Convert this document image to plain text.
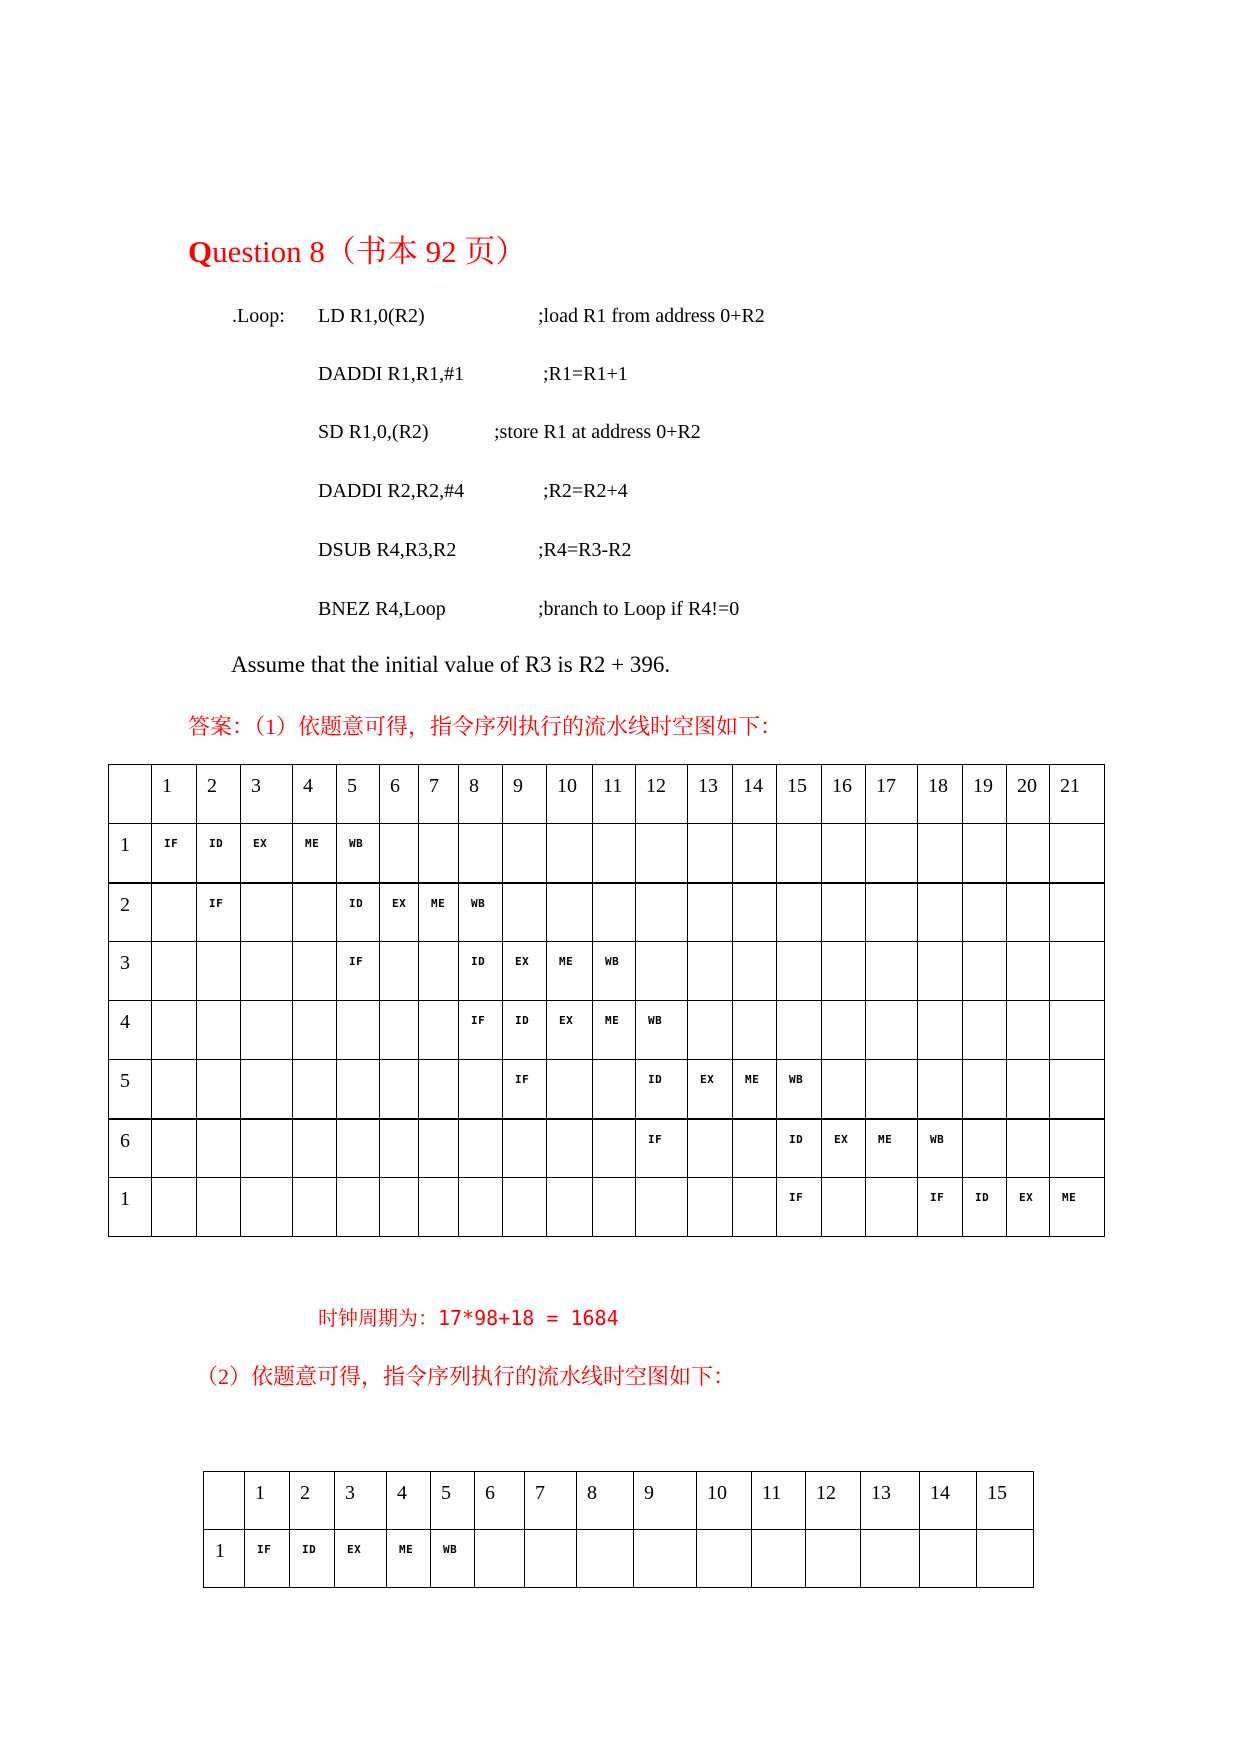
Question 8（书本 92 页）
.Loop: LD R1,0(R2)	;load R1 from address 0+R2
DADDI R1,R1,#1	;R1=R1+1
SD R1,0,(R2)	;store R1 at address 0+R2
DADDI R2,R2,#4	;R2=R2+4
DSUB R4,R3,R2	;R4=R3-R2
BNEZ R4,Loop	;branch to Loop if R4!=0
Assume that the initial value of R3 is R2 + 396.
答案：（1）依题意可得，指令序列执行的流水线时空图如下：

	1	2	3	4	5	6	7	8	9	10	11	12	13	14	15	16	17	18	19	20	21

1	IF	ID	EX	ME	WB																

2		IF			ID	EX	ME	WB													

3					IF			ID	EX	ME	WB										

4								IF	ID	EX	ME	WB									

5									IF			ID	EX	ME	WB						

6												IF			ID	EX	ME	WB			

1															IF			IF	ID	EX	ME
时钟周期为：17*98+18 = 1684
（2）依题意可得，指令序列执行的流水线时空图如下：

	1	2	3	4	5	6	7	8	9	10	11	12	13	14	15

1	IF	ID	EX	ME	WB										
